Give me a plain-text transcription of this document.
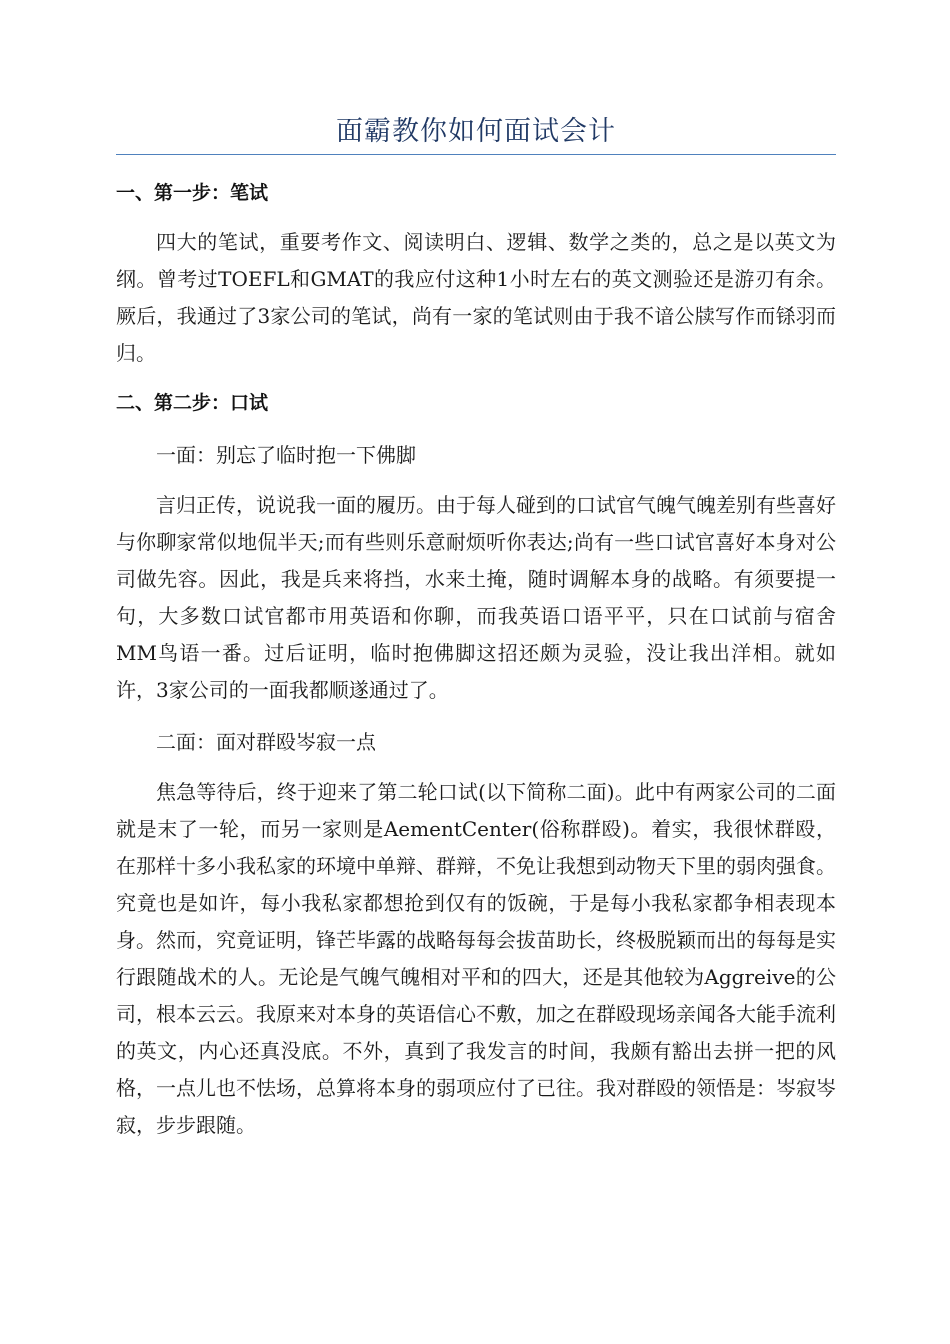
面霸教你如何面试会计
一、第一步：笔试

四大的笔试，重要考作文、阅读明白、逻辑、数学之类的，总之是以英文为纲。曾考过TOEFL和GMAT的我应付这种1小时左右的英文测验还是游刃有余。厥后，我通过了3家公司的笔试，尚有一家的笔试则由于我不谙公牍写作而铩羽而归。

二、第二步：口试

一面：别忘了临时抱一下佛脚

言归正传，说说我一面的履历。由于每人碰到的口试官气魄气魄差别有些喜好与你聊家常似地侃半天;而有些则乐意耐烦听你表达;尚有一些口试官喜好本身对公司做先容。因此，我是兵来将挡，水来土掩，随时调解本身的战略。有须要提一句，大多数口试官都市用英语和你聊，而我英语口语平平，只在口试前与宿舍MM鸟语一番。过后证明，临时抱佛脚这招还颇为灵验，没让我出洋相。就如许，3家公司的一面我都顺遂通过了。

二面：面对群殴岑寂一点

焦急等待后，终于迎来了第二轮口试(以下简称二面)。此中有两家公司的二面就是末了一轮，而另一家则是AementCenter(俗称群殴)。着实，我很怵群殴，在那样十多小我私家的环境中单辩、群辩，不免让我想到动物天下里的弱肉强食。究竟也是如许，每小我私家都想抢到仅有的饭碗，于是每小我私家都争相表现本身。然而，究竟证明，锋芒毕露的战略每每会拔苗助长，终极脱颖而出的每每是实行跟随战术的人。无论是气魄气魄相对平和的四大，还是其他较为Aggreive的公司，根本云云。我原来对本身的英语信心不敷，加之在群殴现场亲闻各大能手流利的英文，内心还真没底。不外，真到了我发言的时间，我颇有豁出去拼一把的风格，一点儿也不怯场，总算将本身的弱项应付了已往。我对群殴的领悟是：岑寂岑寂，步步跟随。
